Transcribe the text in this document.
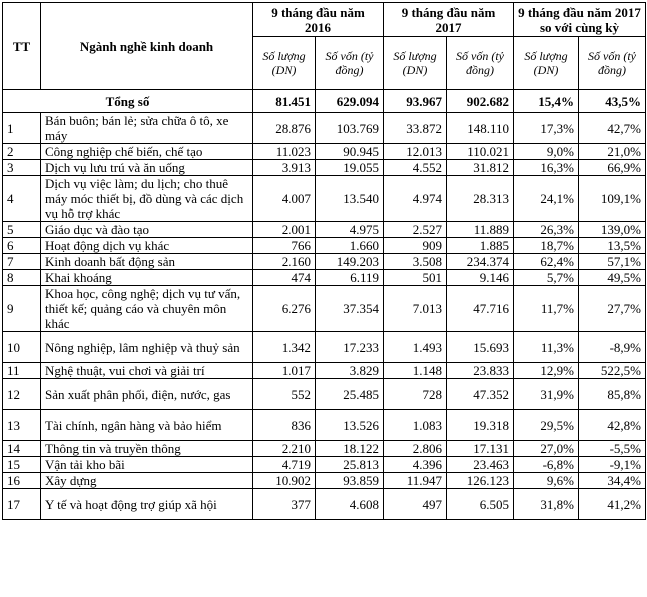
TT	Ngành nghề kinh doanh	9 tháng đầu năm 2016		9 tháng đầu năm 2017		9 tháng đầu năm 2017 so với cùng kỳ	
		Số lượng (DN)	Số vốn (tỷ đồng)	Số lượng (DN)	Số vốn (tỷ đồng)	Số lượng (DN)	Số vốn (tỷ đồng)
Tổng số		81.451	629.094	93.967	902.682	15,4%	43,5%
1	Bán buôn; bán lẻ; sửa chữa ô tô, xe máy	28.876	103.769	33.872	148.110	17,3%	42,7%
2	Công nghiệp chế biến, chế tạo	11.023	90.945	12.013	110.021	9,0%	21,0%
3	Dịch vụ lưu trú và ăn uống	3.913	19.055	4.552	31.812	16,3%	66,9%
4	Dịch vụ việc làm; du lịch; cho thuê máy móc thiết bị, đồ dùng và các dịch vụ hỗ trợ khác	4.007	13.540	4.974	28.313	24,1%	109,1%
5	Giáo dục và đào tạo	2.001	4.975	2.527	11.889	26,3%	139,0%
6	Hoạt động dịch vụ khác	766	1.660	909	1.885	18,7%	13,5%
7	Kinh doanh bất động sản	2.160	149.203	3.508	234.374	62,4%	57,1%
8	Khai khoáng	474	6.119	501	9.146	5,7%	49,5%
9	Khoa học, công nghệ; dịch vụ tư vấn, thiết kế; quảng cáo và chuyên môn khác	6.276	37.354	7.013	47.716	11,7%	27,7%
10	Nông nghiệp, lâm nghiệp và thuỷ sản	1.342	17.233	1.493	15.693	11,3%	-8,9%
11	Nghệ thuật, vui chơi và giải trí	1.017	3.829	1.148	23.833	12,9%	522,5%
12	Sản xuất phân phối, điện, nước, gas	552	25.485	728	47.352	31,9%	85,8%
13	Tài chính, ngân hàng và bảo hiểm	836	13.526	1.083	19.318	29,5%	42,8%
14	Thông tin và truyền thông	2.210	18.122	2.806	17.131	27,0%	-5,5%
15	Vận tải kho bãi	4.719	25.813	4.396	23.463	-6,8%	-9,1%
16	Xây dựng	10.902	93.859	11.947	126.123	9,6%	34,4%
17	Y tế và hoạt động trợ giúp xã hội	377	4.608	497	6.505	31,8%	41,2%
